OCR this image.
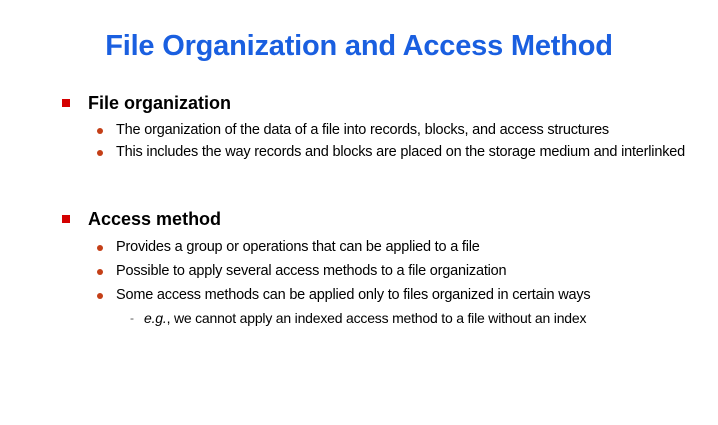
File Organization and Access Method
File organization
The organization of the data of a file into records, blocks, and access structures
This includes the way records and blocks are placed on the storage medium and interlinked
Access method
Provides a group or operations that can be applied to a file
Possible to apply several access methods to a file organization
Some access methods can be applied only to files organized in certain ways
- e.g., we cannot apply an indexed access method to a file without an index
